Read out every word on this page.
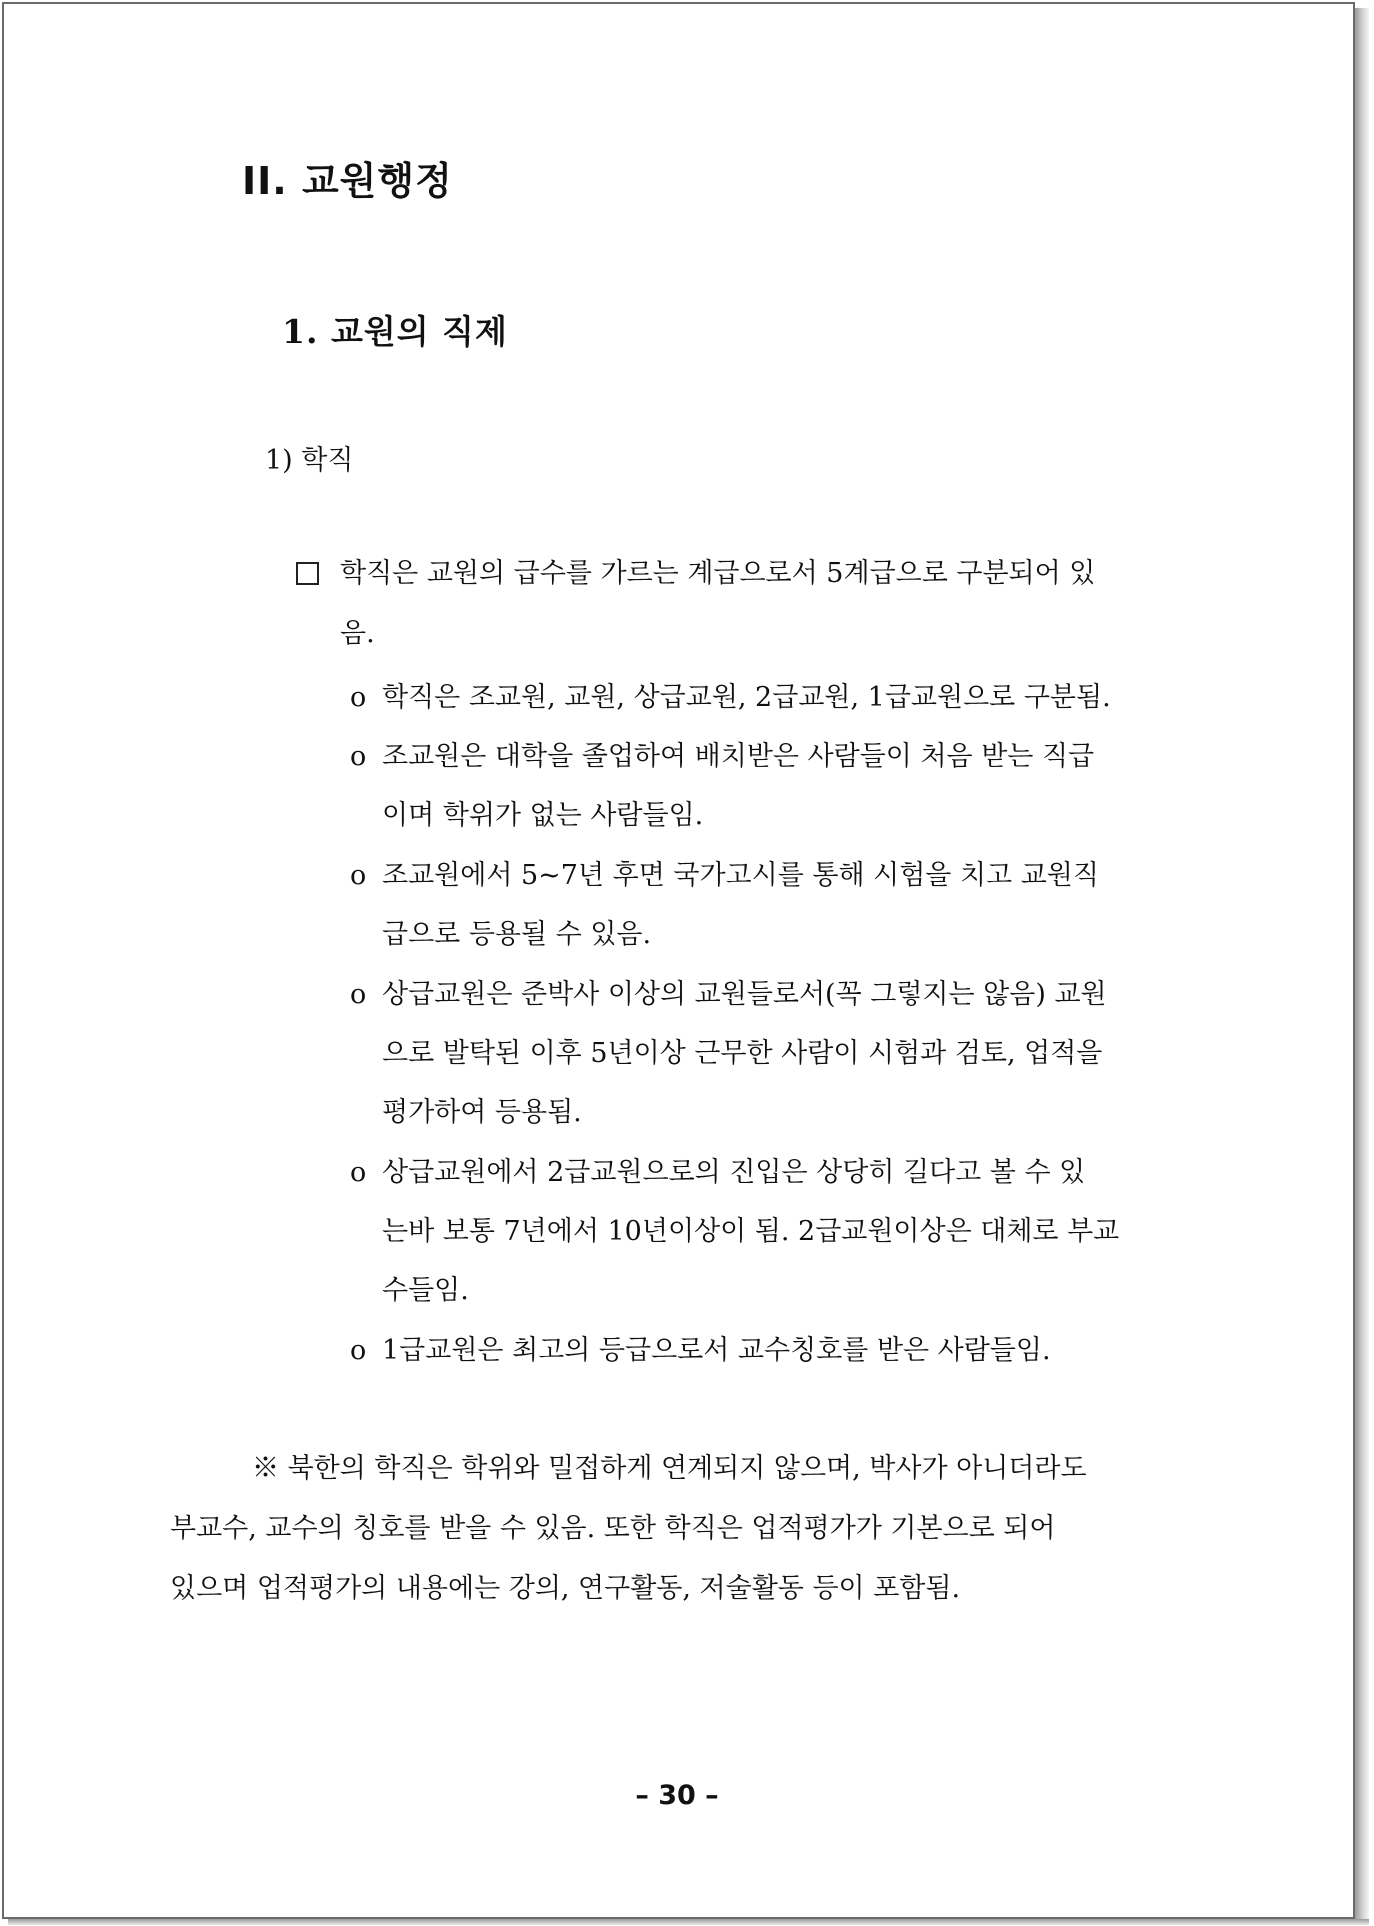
II. 교원행정
1. 교원의 직제
1) 학직
학직은 교원의 급수를 가르는 계급으로서 5계급으로 구분되어 있
음.
o 학직은 조교원, 교원, 상급교원, 2급교원, 1급교원으로 구분됨.
o 조교원은 대학을 졸업하여 배치받은 사람들이 처음 받는 직급
이며 학위가 없는 사람들임.
o 조교원에서 5~7년 후면 국가고시를 통해 시험을 치고 교원직
급으로 등용될 수 있음.
o 상급교원은 준박사 이상의 교원들로서(꼭 그렇지는 않음) 교원
으로 발탁된 이후 5년이상 근무한 사람이 시험과 검토, 업적을
평가하여 등용됨.
o 상급교원에서 2급교원으로의 진입은 상당히 길다고 볼 수 있
는바 보통 7년에서 10년이상이 됨. 2급교원이상은 대체로 부교
수들임.
o 1급교원은 최고의 등급으로서 교수칭호를 받은 사람들임.
※ 북한의 학직은 학위와 밀접하게 연계되지 않으며, 박사가 아니더라도
부교수, 교수의 칭호를 받을 수 있음. 또한 학직은 업적평가가 기본으로 되어
있으며 업적평가의 내용에는 강의, 연구활동, 저술활동 등이 포함됨.
– 30 –
